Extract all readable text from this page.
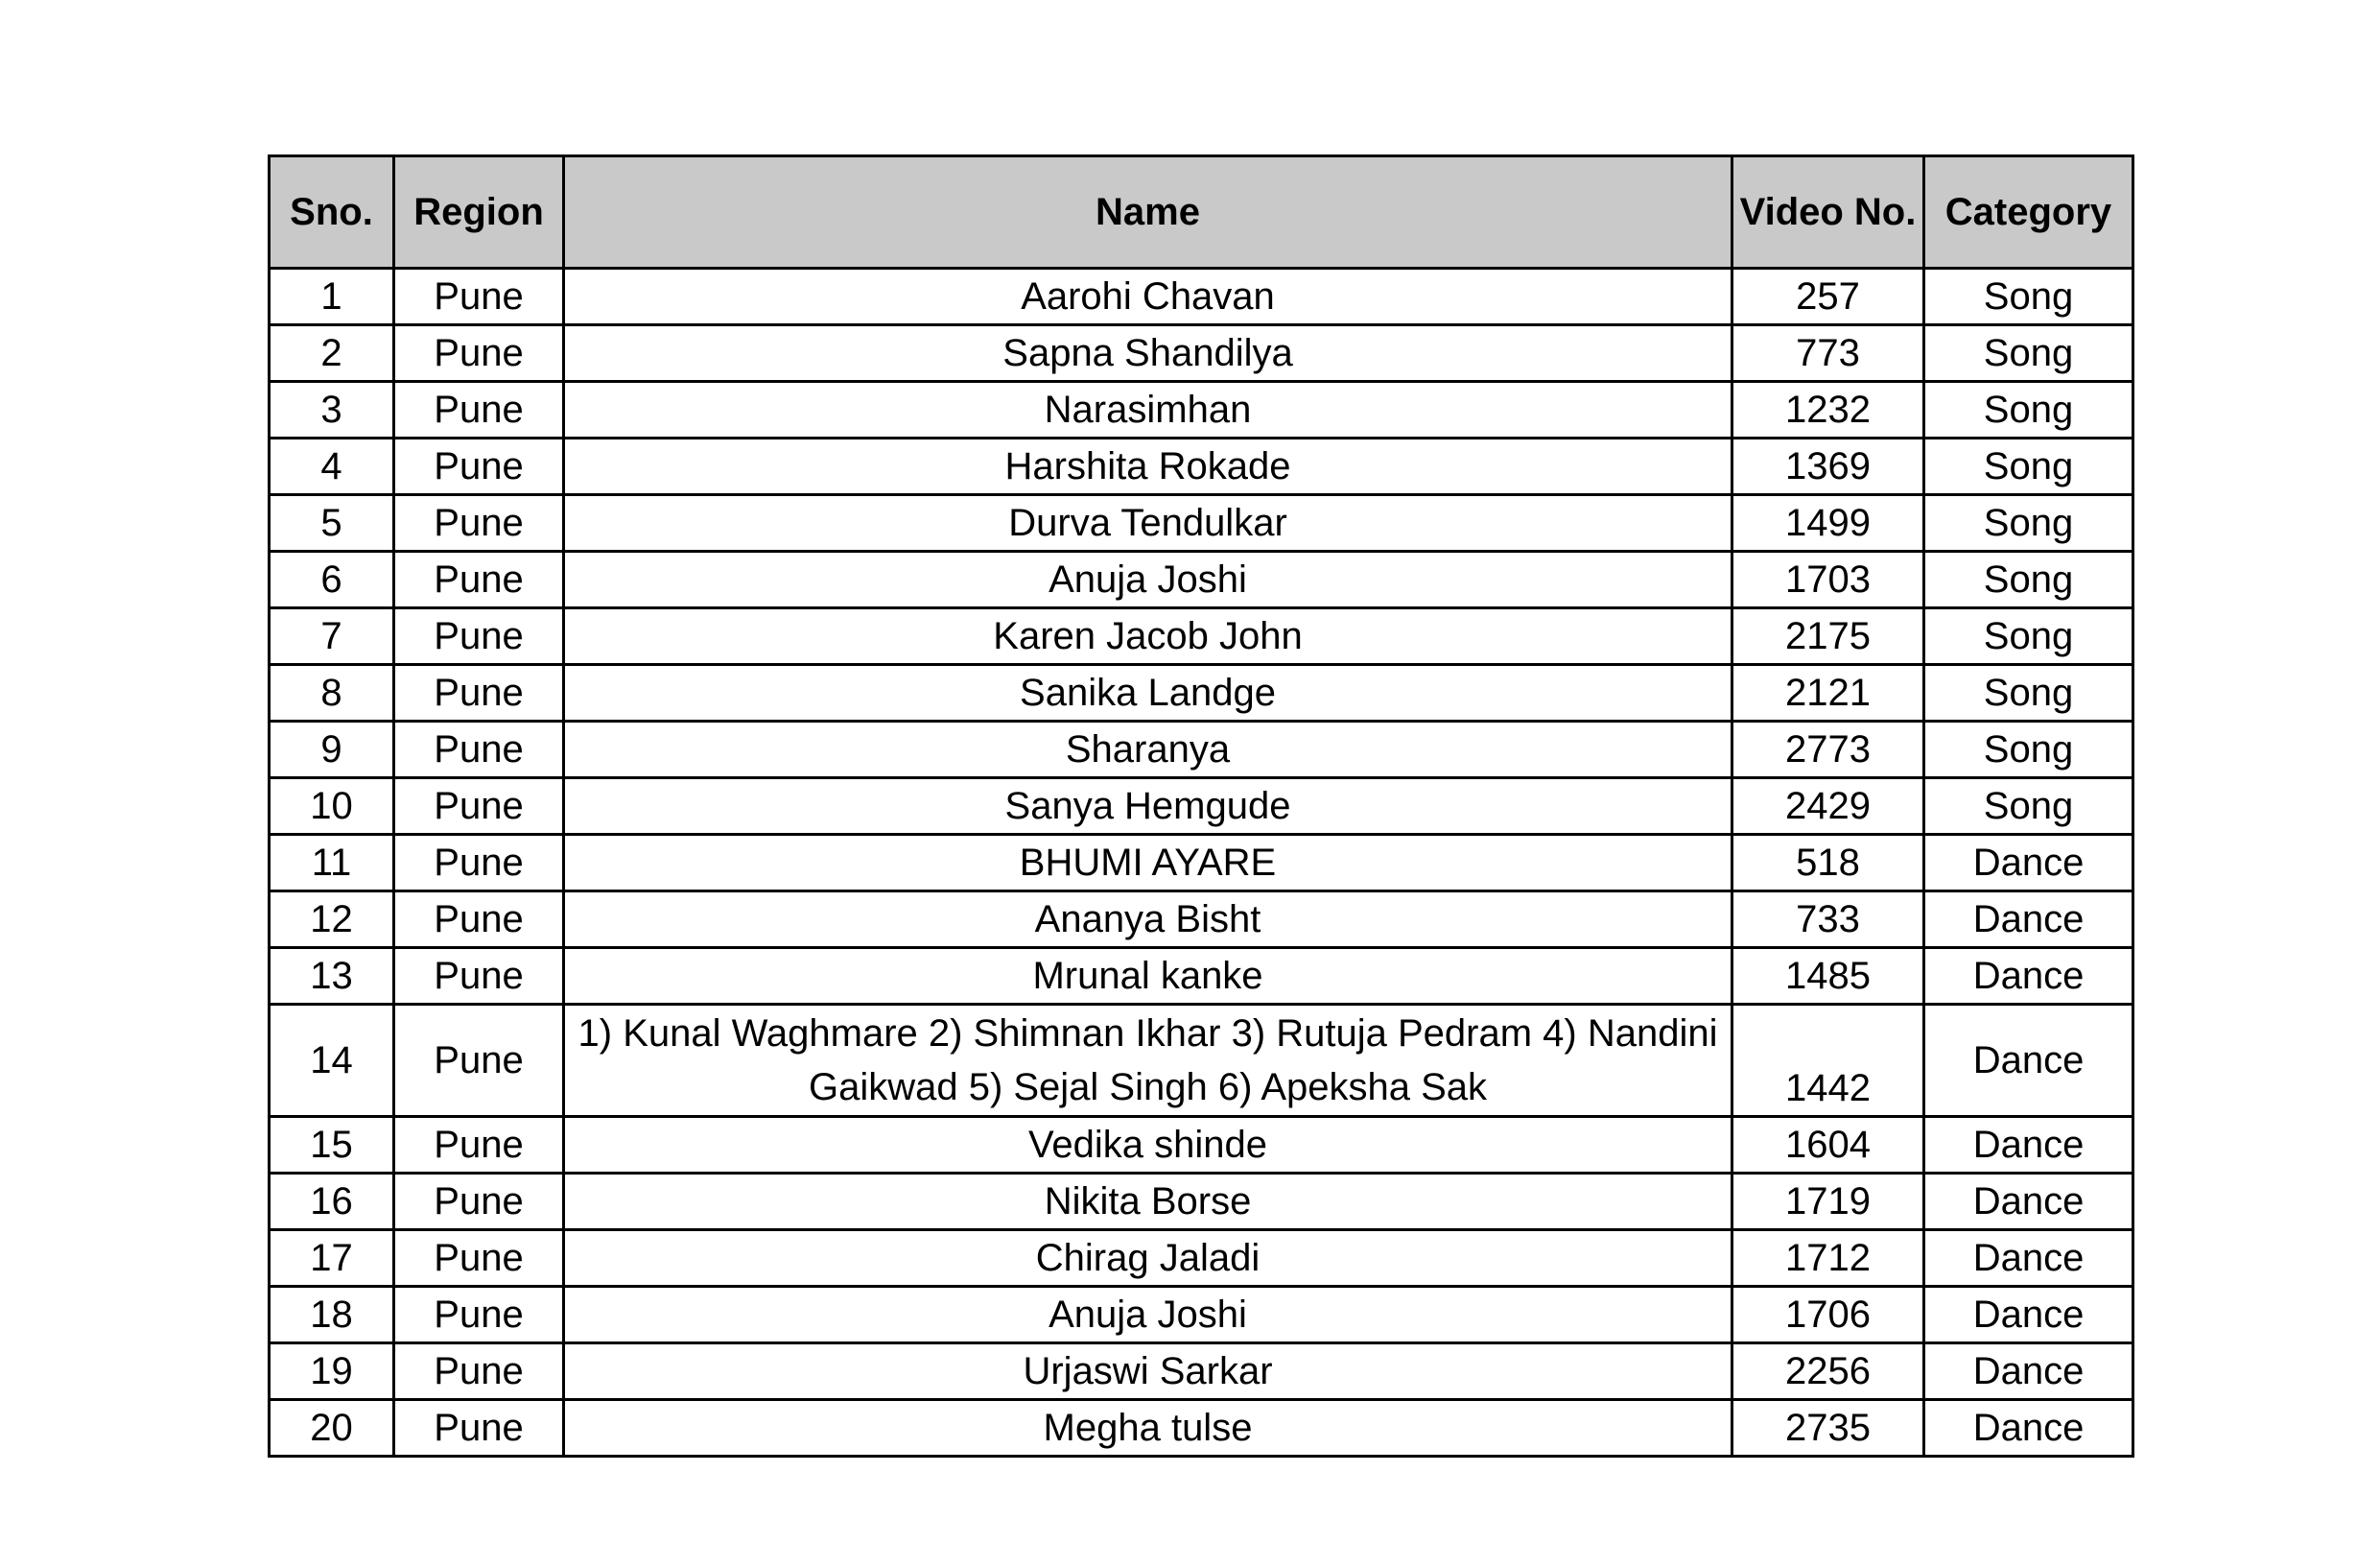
Sno.	Region	Name	Video No.	Category
1	Pune	Aarohi Chavan	257	Song
2	Pune	Sapna Shandilya	773	Song
3	Pune	Narasimhan	1232	Song
4	Pune	Harshita Rokade	1369	Song
5	Pune	Durva Tendulkar	1499	Song
6	Pune	Anuja Joshi	1703	Song
7	Pune	Karen Jacob John	2175	Song
8	Pune	Sanika Landge	2121	Song
9	Pune	Sharanya	2773	Song
10	Pune	Sanya Hemgude	2429	Song
11	Pune	BHUMI AYARE	518	Dance
12	Pune	Ananya Bisht	733	Dance
13	Pune	Mrunal kanke	1485	Dance
14	Pune	1) Kunal Waghmare 2) Shimnan Ikhar 3) Rutuja Pedram 4) Nandini Gaikwad 5) Sejal Singh 6) Apeksha Sak	1442	Dance
15	Pune	Vedika shinde	1604	Dance
16	Pune	Nikita Borse	1719	Dance
17	Pune	Chirag Jaladi	1712	Dance
18	Pune	Anuja Joshi	1706	Dance
19	Pune	Urjaswi Sarkar	2256	Dance
20	Pune	Megha tulse	2735	Dance
